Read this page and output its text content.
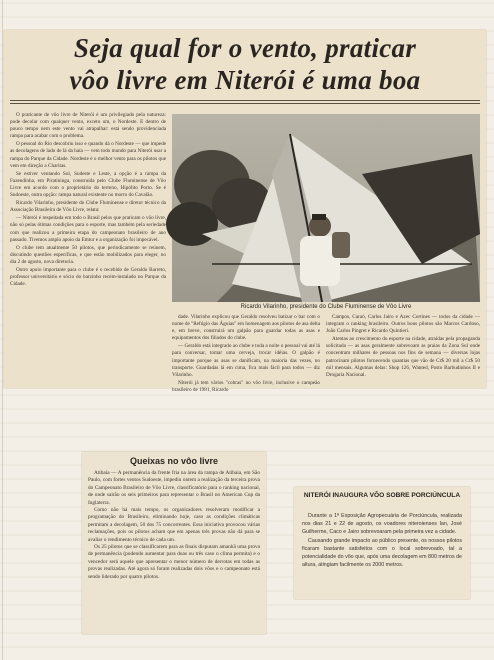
Seja qual for o vento, praticar
vôo livre em Niterói é uma boa

O praticante de vôo livre de Niterói é um privilegiado pela natureza: pode decolar com qualquer vento, exceto um, o Nordeste. E dentro de pouco tempo nem este vento vai atrapalhar: está sendo providenciada rampa para acabar com o problema.

O pessoal do Rio descobriu isso e quando dá o Nordeste — que impede as decolagens de lado de lá da baía — vem todo mundo para Niterói usar a rampa do Parque da Cidade. Nordeste é o melhor vento para os pilotos que vem em direção a Charitas.

Se estiver ventando Sul, Sudeste e Leste, a opção é a rampa da Fazendinha, em Piratininga, construída pelo Clube Fluminense de Vôo Livre em acordo com o proprietário do terreno, Hipólito Porto. Se é Sudoeste, outra opção: rampa natural existente no morro do Cavalão.

Ricardo Vilarinho, presidente do Clube Fluminense e diretor técnico da Associação Brasileira de Vôo Livre, relata:

— Niterói é respeitada em todo o Brasil pelos que praticam o vôo livre, não só pelas ótimas condições para o esporte, mas também pela seriedade com que realizou a primeira etapa do campeonato brasileiro de ano passado. Tivemos amplo apoio da Emtur e a organização foi impecável.

O clube tem atualmente 50 pilotos, que periodicamente se reúnem, discutindo questões específicas, e que estão mobilizados para eleger, no dia 2 de agosto, nova diretoria.

Outro apoio importante para o clube é o recebido de Geraldo Barreto, professor universitário e sócio do barzinho recém-instalado no Parque da Cidade.

Ricardo Vilarinho, presidente do Clube Fluminense de Vôo Livre

dade. Vilarinho explicou que Geraldo resolveu batizar o bar com o nome de "Refúgio das Águias" em homenagem aos pilotos de asa delta e, em breve, construirá um galpão para guardar todas as asas e equipamentos dos filiados do clube.

— Geraldo está integrado ao clube e toda a noite o pessoal vai até lá para conversar, tomar uma cerveja, trocar idéias. O galpão é importante porque as asas se danificam, na maioria das vezes, no transporte. Guardadas lá em cima, fica mais fácil para todos — diz Vilarinho.

Niterói já tem vários "cobras" no vôo livre, inclusive o campeão brasileiro de 1981, Ricardo

Campos, Caraó, Carlos Jairo e Azec Cortines — todos da cidade — integram o ranking brasileiro. Outros bons pilotos são Marcos Cardoso, João Carlos Pingret e Ricardo Quintieri.

Atentas ao crescimento do esporte na cidade, atraídas pela propaganda solicitada — as asas geralmente sobrevoam as praias da Zona Sul onde concentram milhares de pessoas nos fins de semana — diversas lojas patrocinam pilotos fornecendo quantias que vão de Cr$ 20 mil a Cr$ 50 mil mensais. Algumas delas: Shop 126, Wanted, Posto Barbudinhos II e Drogaria Nacional.

Queixas no vôo livre

Atibaia — A permanência da frente fria na área da rampa de Atibaia, em São Paulo, com fortes ventos Sudoeste, impediu ontem a realização da terceira prova do Campeonato Brasileiro de Vôo Livre, classificatório para o ranking nacional, de onde sairão os seis primeiros para representar o Brasil no American Cup da Inglaterra.

Como não há mais tempo, os organizadores resolveram modificar a programação do Brasileiro, eliminando hoje, caso as condições climáticas permitam a decolagem, 50 dos 75 concorrentes. Essa iniciativa provocou várias reclamações, pois os pilotos acham que em apenas três provas não dá para se avaliar o rendimento técnico de cada um.

Os 25 pilotos que se classificarem para as finais disputam amanhã uma prova de permanência (podendo aumentar para duas ou três caso o clima permita) e o vencedor será aquele que apresentar o menor número de derrotas em todas as provas realizadas. Até agora só foram realizadas dois vôos e o campeonato está sendo liderado por quatro pilotos.

NITERÓI INAUGURA VÔO SOBRE PORCIÚNCULA

Durante a 1ª Exposição Agropecuária de Porciúncula, realizada nos dias 21 e 22 de agosto, os voadores niteroienses Ian, José Guilherme, Caco e Jairo sobrevoaram pela primeira vez a cidade.

Causando grande impacto ao público presente, os nossos pilotos ficaram bastante satisfeitos com o local sobrevoado, tal a potencialidade do vôo que, após uma decolagem em 800 metros de altura, atingiam facilmente os 2000 metros.
